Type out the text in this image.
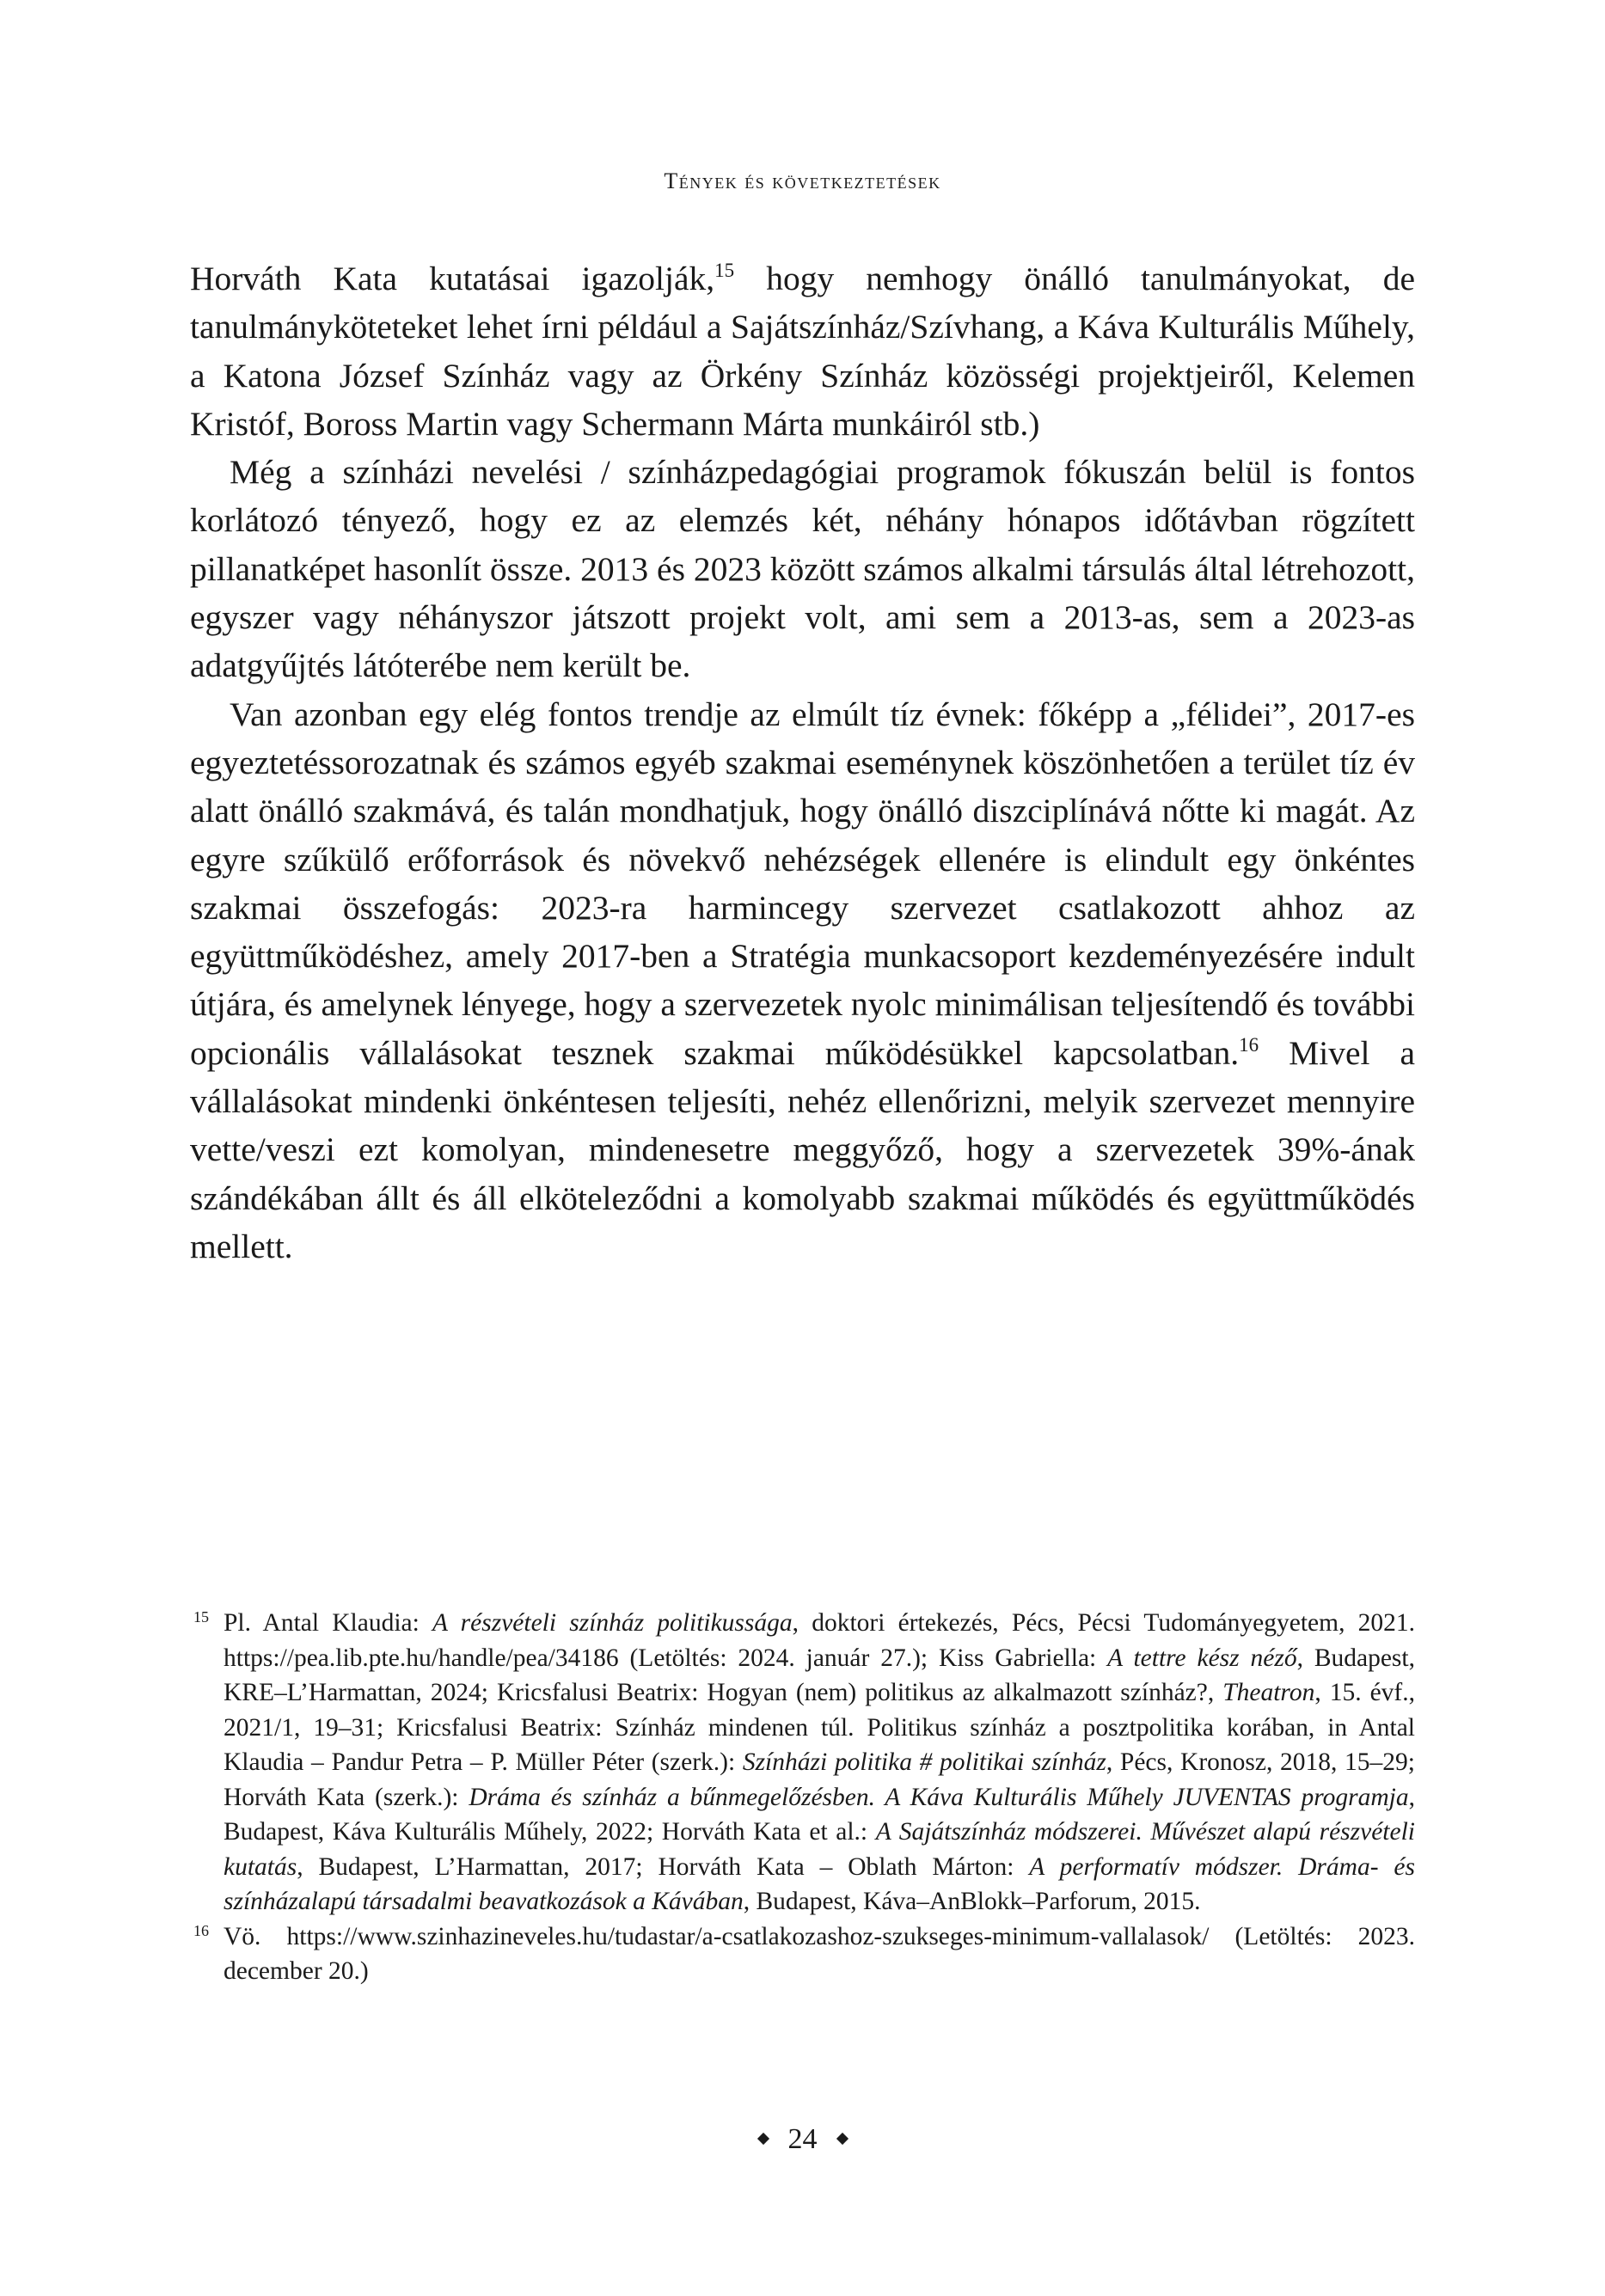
Tények és következtetések

Horváth Kata kutatásai igazolják,$^{15}$ hogy nemhogy önálló tanulmányokat, de tanulmányköteteket lehet írni például a Sajátszínház/Szívhang, a Káva Kulturális Műhely, a Katona József Színház vagy az Örkény Színház közösségi projektjeiről, Kelemen Kristóf, Boross Martin vagy Schermann Márta munkáiról stb.)

Még a színházi nevelési / színházpedagógiai programok fókuszán belül is fontos korlátozó tényező, hogy ez az elemzés két, néhány hónapos időtávban rögzített pillanatképet hasonlít össze. 2013 és 2023 között számos alkalmi társulás által létrehozott, egyszer vagy néhányszor játszott projekt volt, ami sem a 2013-as, sem a 2023-as adatgyűjtés látóterébe nem került be.

Van azonban egy elég fontos trendje az elmúlt tíz évnek: főképp a „félidei”, 2017-es egyeztetéssorozatnak és számos egyéb szakmai eseménynek köszönhetően a terület tíz év alatt önálló szakmává, és talán mondhatjuk, hogy önálló diszciplínává nőtte ki magát. Az egyre szűkülő erőforrások és növekvő nehézségek ellenére is elindult egy önkéntes szakmai összefogás: 2023-ra harmincegy szervezet csatlakozott ahhoz az együttműködéshez, amely 2017-ben a Stratégia munkacsoport kezdeményezésére indult útjára, és amelynek lényege, hogy a szervezetek nyolc minimálisan teljesítendő és további opcionális vállalásokat tesznek szakmai működésükkel kapcsolatban.$^{16}$ Mivel a vállalásokat mindenki önkéntesen teljesíti, nehéz ellenőrizni, melyik szervezet mennyire vette/veszi ezt komolyan, mindenesetre meggyőző, hogy a szervezetek 39%-ának szándékában állt és áll elköteleződni a komolyabb szakmai működés és együttműködés mellett.

15 Pl. Antal Klaudia: A részvételi színház politikussága, doktori értekezés, Pécs, Pécsi Tudományegyetem, 2021. https://pea.lib.pte.hu/handle/pea/34186 (Letöltés: 2024. január 27.); Kiss Gabriella: A tettre kész néző, Budapest, KRE–L’Harmattan, 2024; Kricsfalusi Beatrix: Hogyan (nem) politikus az alkalmazott színház?, Theatron, 15. évf., 2021/1, 19–31; Kricsfalusi Beatrix: Színház mindenen túl. Politikus színház a posztpolitika korában, in Antal Klaudia – Pandur Petra – P. Müller Péter (szerk.): Színházi politika # politikai színház, Pécs, Kronosz, 2018, 15–29; Horváth Kata (szerk.): Dráma és színház a bűnmegelőzésben. A Káva Kulturális Műhely JUVENTAS programja, Budapest, Káva Kulturális Műhely, 2022; Horváth Kata et al.: A Sajátszínház módszerei. Művészet alapú részvételi kutatás, Budapest, L’Harmattan, 2017; Horváth Kata – Oblath Márton: A performatív módszer. Dráma- és színházalapú társadalmi beavatkozások a Kávában, Budapest, Káva–AnBlokk–Parforum, 2015.

16 Vö. https://www.szinhazineveles.hu/tudastar/a-csatlakozashoz-szukseges-minimum-vallalasok/ (Letöltés: 2023. december 20.)

24
